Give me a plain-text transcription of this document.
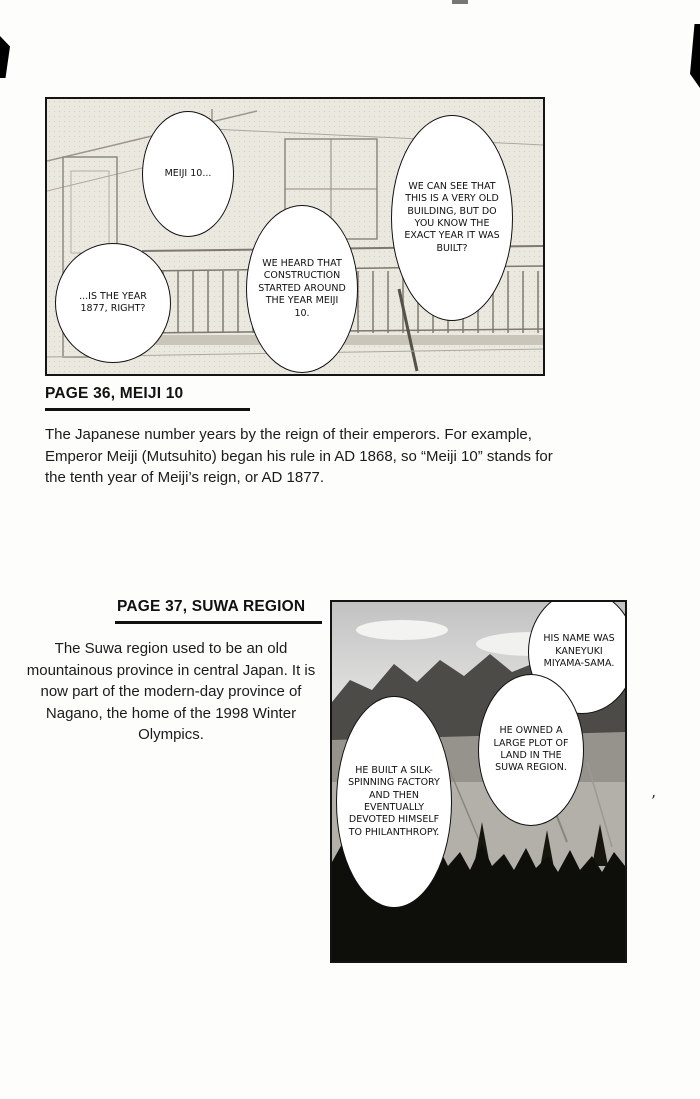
’
MEIJI 10...
WE CAN SEE THAT THIS IS A VERY OLD BUILDING, BUT DO YOU KNOW THE EXACT YEAR IT WAS BUILT?
WE HEARD THAT CONSTRUCTION STARTED AROUND THE YEAR MEIJI 10.
...IS THE YEAR 1877, RIGHT?
PAGE 36, MEIJI 10
The Japanese number years by the reign of their emperors. For example, Emperor Meiji (Mutsuhito) began his rule in AD 1868, so “Meiji 10” stands for the tenth year of Meiji’s reign, or AD 1877.
PAGE 37, SUWA REGION
The Suwa region used to be an old mountainous province in central Japan. It is now part of the modern-day province of Nagano, the home of the 1998 Winter Olympics.
HIS NAME WAS KANEYUKI MIYAMA-SAMA.
HE OWNED A LARGE PLOT OF LAND IN THE SUWA REGION.
HE BUILT A SILK-SPINNING FACTORY AND THEN EVENTUALLY DEVOTED HIMSELF TO PHILANTHROPY.
